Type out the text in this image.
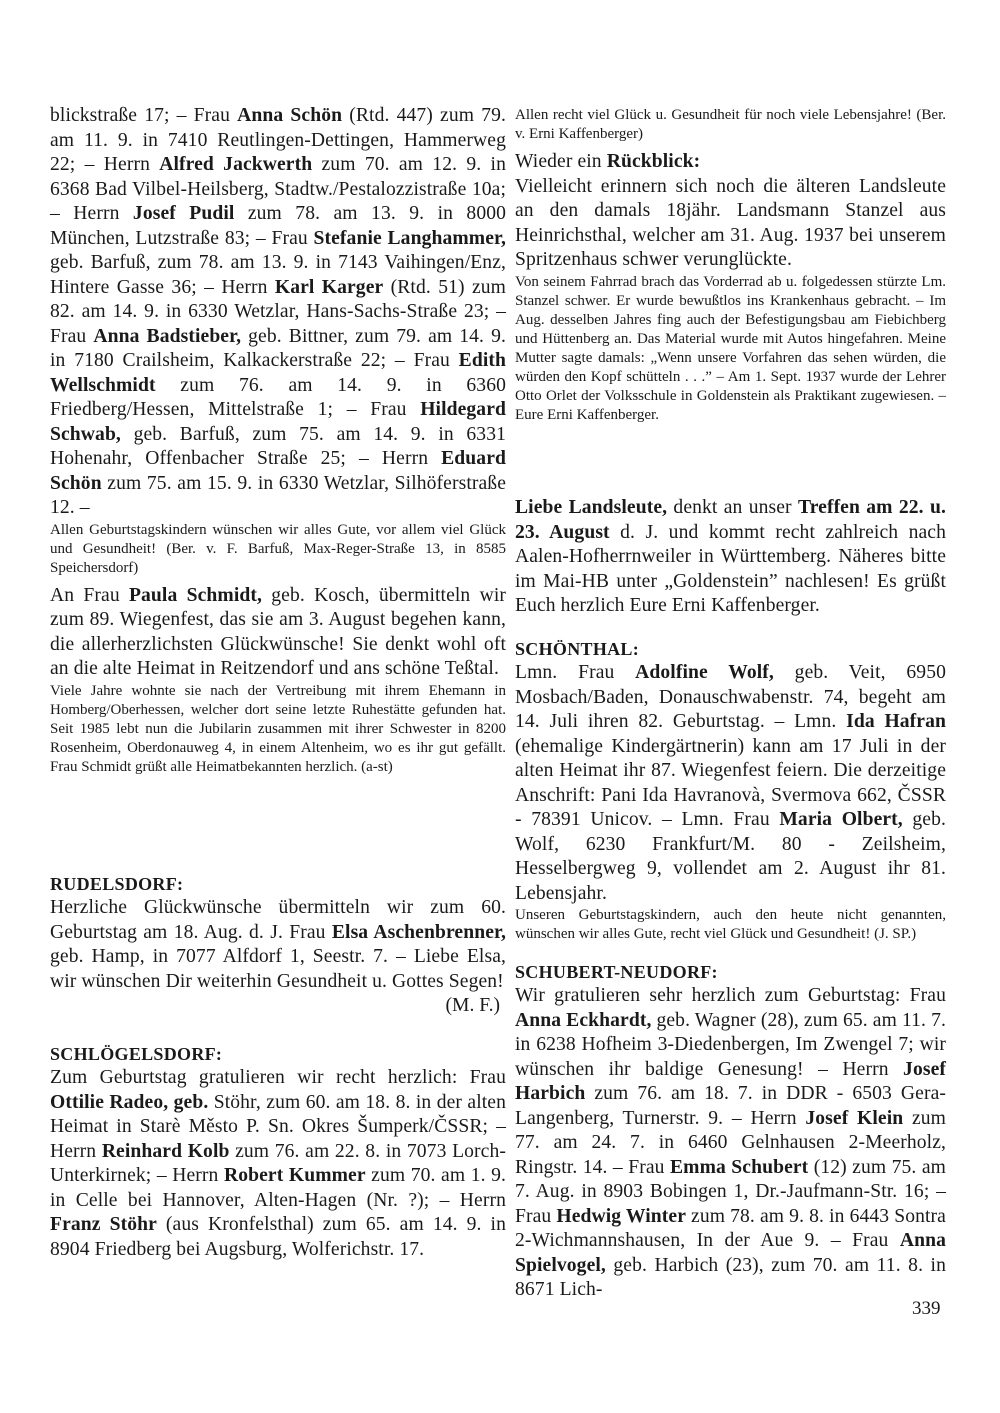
blickstraße 17; – Frau Anna Schön (Rtd. 447) zum 79. am 11. 9. in 7410 Reutlingen-Dettingen, Hammerweg 22; – Herrn Alfred Jackwerth zum 70. am 12. 9. in 6368 Bad Vilbel-Heilsberg, Stadtw./Pestalozzistraße 10a; – Herrn Josef Pudil zum 78. am 13. 9. in 8000 München, Lutzstraße 83; – Frau Stefanie Langhammer, geb. Barfuß, zum 78. am 13. 9. in 7143 Vaihingen/Enz, Hintere Gasse 36; – Herrn Karl Karger (Rtd. 51) zum 82. am 14. 9. in 6330 Wetzlar, Hans-Sachs-Straße 23; – Frau Anna Badstieber, geb. Bittner, zum 79. am 14. 9. in 7180 Crailsheim, Kalkackerstraße 22; – Frau Edith Wellschmidt zum 76. am 14. 9. in 6360 Friedberg/Hessen, Mittelstraße 1; – Frau Hildegard Schwab, geb. Barfuß, zum 75. am 14. 9. in 6331 Hohenahr, Offenbacher Straße 25; – Herrn Eduard Schön zum 75. am 15. 9. in 6330 Wetzlar, Silhöferstraße 12. –

Allen Geburtstagskindern wünschen wir alles Gute, vor allem viel Glück und Gesundheit! (Ber. v. F. Barfuß, Max-Reger-Straße 13, in 8585 Speichersdorf)

An Frau Paula Schmidt, geb. Kosch, übermitteln wir zum 89. Wiegenfest, das sie am 3. August begehen kann, die allerherzlichsten Glückwünsche! Sie denkt wohl oft an die alte Heimat in Reitzendorf und ans schöne Teßtal.

Viele Jahre wohnte sie nach der Vertreibung mit ihrem Ehemann in Homberg/Oberhessen, welcher dort seine letzte Ruhestätte gefunden hat. Seit 1985 lebt nun die Jubilarin zusammen mit ihrer Schwester in 8200 Rosenheim, Oberdonauweg 4, in einem Altenheim, wo es ihr gut gefällt. Frau Schmidt grüßt alle Heimatbekannten herzlich. (a-st)

RUDELSDORF:

Herzliche Glückwünsche übermitteln wir zum 60. Geburtstag am 18. Aug. d. J. Frau Elsa Aschenbrenner, geb. Hamp, in 7077 Alfdorf 1, Seestr. 7. – Liebe Elsa, wir wünschen Dir weiterhin Gesundheit u. Gottes Segen!

(M. F.)

SCHLÖGELSDORF:

Zum Geburtstag gratulieren wir recht herzlich: Frau Ottilie Radeo, geb. Stöhr, zum 60. am 18. 8. in der alten Heimat in Starè Město P. Sn. Okres Šumperk/ČSSR; – Herrn Reinhard Kolb zum 76. am 22. 8. in 7073 Lorch-Unterkirnek; – Herrn Robert Kummer zum 70. am 1. 9. in Celle bei Hannover, Alten-Hagen (Nr. ?); – Herrn Franz Stöhr (aus Kronfelsthal) zum 65. am 14. 9. in 8904 Friedberg bei Augsburg, Wolferichstr. 17.

Allen recht viel Glück u. Gesundheit für noch viele Lebensjahre! (Ber. v. Erni Kaffenberger)

Wieder ein Rückblick:

Vielleicht erinnern sich noch die älteren Landsleute an den damals 18jähr. Landsmann Stanzel aus Heinrichsthal, welcher am 31. Aug. 1937 bei unserem Spritzenhaus schwer verunglückte.

Von seinem Fahrrad brach das Vorderrad ab u. folgedessen stürzte Lm. Stanzel schwer. Er wurde bewußtlos ins Krankenhaus gebracht. – Im Aug. desselben Jahres fing auch der Befestigungsbau am Fiebichberg und Hüttenberg an. Das Material wurde mit Autos hingefahren. Meine Mutter sagte damals: „Wenn unsere Vorfahren das sehen würden, die würden den Kopf schütteln . . .” – Am 1. Sept. 1937 wurde der Lehrer Otto Orlet der Volksschule in Goldenstein als Praktikant zugewiesen. – Eure Erni Kaffenberger.

Liebe Landsleute, denkt an unser Treffen am 22. u. 23. August d. J. und kommt recht zahlreich nach Aalen-Hofherrnweiler in Württemberg. Näheres bitte im Mai-HB unter „Goldenstein” nachlesen! Es grüßt Euch herzlich Eure Erni Kaffenberger.

SCHÖNTHAL:

Lmn. Frau Adolfine Wolf, geb. Veit, 6950 Mosbach/Baden, Donauschwabenstr. 74, begeht am 14. Juli ihren 82. Geburtstag. – Lmn. Ida Hafran (ehemalige Kindergärtnerin) kann am 17 Juli in der alten Heimat ihr 87. Wiegenfest feiern. Die derzeitige Anschrift: Pani Ida Havranovà, Svermova 662, ČSSR - 78391 Unicov. – Lmn. Frau Maria Olbert, geb. Wolf, 6230 Frankfurt/M. 80 - Zeilsheim, Hesselbergweg 9, vollendet am 2. August ihr 81. Lebensjahr.

Unseren Geburtstagskindern, auch den heute nicht genannten, wünschen wir alles Gute, recht viel Glück und Gesundheit! (J. SP.)

SCHUBERT-NEUDORF:

Wir gratulieren sehr herzlich zum Geburtstag: Frau Anna Eckhardt, geb. Wagner (28), zum 65. am 11. 7. in 6238 Hofheim 3-Diedenbergen, Im Zwengel 7; wir wünschen ihr baldige Genesung! – Herrn Josef Harbich zum 76. am 18. 7. in DDR - 6503 Gera-Langenberg, Turnerstr. 9. – Herrn Josef Klein zum 77. am 24. 7. in 6460 Gelnhausen 2-Meerholz, Ringstr. 14. – Frau Emma Schubert (12) zum 75. am 7. Aug. in 8903 Bobingen 1, Dr.-Jaufmann-Str. 16; – Frau Hedwig Winter zum 78. am 9. 8. in 6443 Sontra 2-Wichmannshausen, In der Aue 9. – Frau Anna Spielvogel, geb. Harbich (23), zum 70. am 11. 8. in 8671 Lich-

339
